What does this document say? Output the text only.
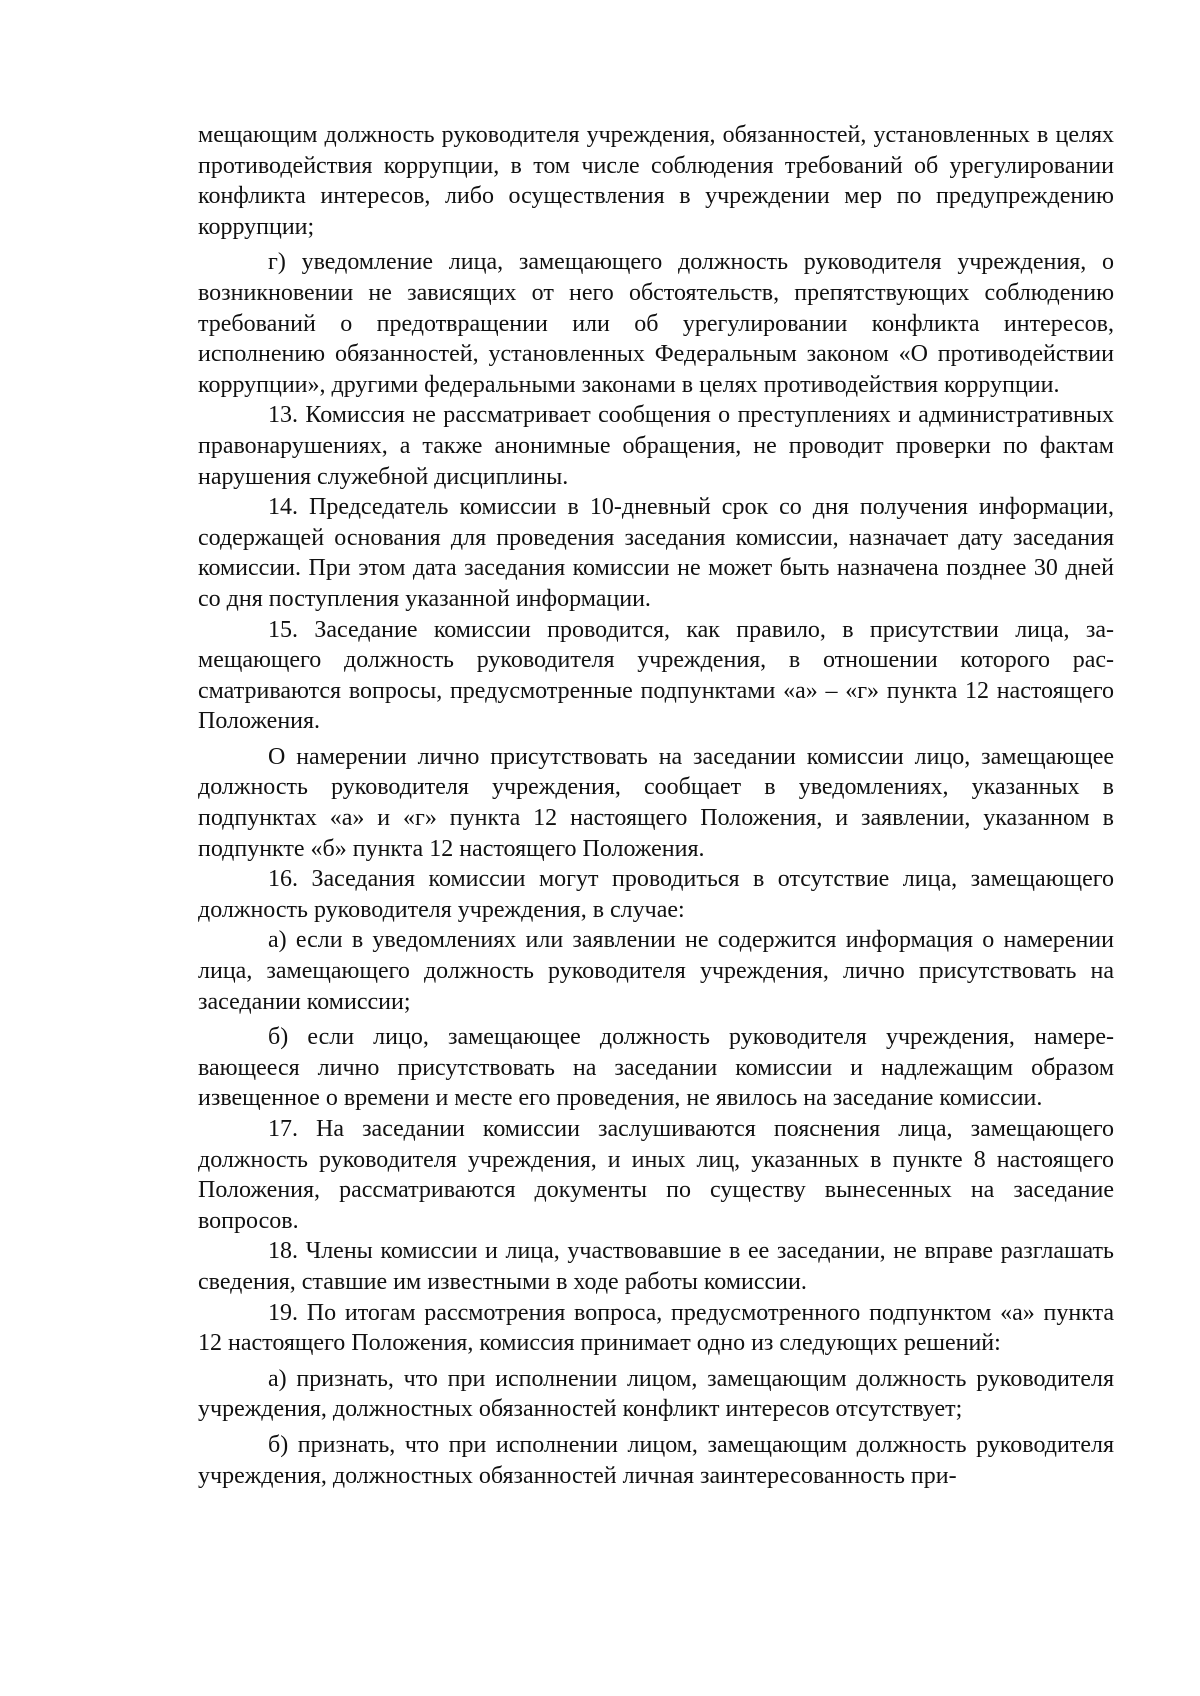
мещающим должность руководителя учреждения, обязанностей, установленных в целях противодействия коррупции, в том числе соблюдения требований об урегулировании конфликта интересов, либо осуществления в учреждении мер по предупреждению коррупции;

г) уведомление лица, замещающего должность руководителя учреждения, о возникновении не зависящих от него обстоятельств, препятствующих соблюдению требований о предотвращении или об урегулировании конфликта интересов, исполнению обязанностей, установленных Федеральным законом «О противодействии коррупции», другими федеральными законами в целях противодействия коррупции.

13. Комиссия не рассматривает сообщения о преступлениях и административных правонарушениях, а также анонимные обращения, не проводит проверки по фактам нарушения служебной дисциплины.

14. Председатель комиссии в 10-дневный срок со дня получения информации, содержащей основания для проведения заседания комиссии, назначает дату заседания комиссии. При этом дата заседания комиссии не может быть назначена позднее 30 дней со дня поступления указанной информации.

15. Заседание комиссии проводится, как правило, в присутствии лица, замещающего должность руководителя учреждения, в отношении которого рассматриваются вопросы, предусмотренные подпунктами «а» – «г» пункта 12 настоящего Положения.

О намерении лично присутствовать на заседании комиссии лицо, замещающее должность руководителя учреждения, сообщает в уведомлениях, указанных в подпунктах «а» и «г» пункта 12 настоящего Положения, и заявлении, указанном в подпункте «б» пункта 12 настоящего Положения.

16. Заседания комиссии могут проводиться в отсутствие лица, замещающего должность руководителя учреждения, в случае:

а) если в уведомлениях или заявлении не содержится информация о намерении лица, замещающего должность руководителя учреждения, лично присутствовать на заседании комиссии;

б) если лицо, замещающее должность руководителя учреждения, намеревающееся лично присутствовать на заседании комиссии и надлежащим образом извещенное о времени и месте его проведения, не явилось на заседание комиссии.

17. На заседании комиссии заслушиваются пояснения лица, замещающего должность руководителя учреждения, и иных лиц, указанных в пункте 8 настоящего Положения, рассматриваются документы по существу вынесенных на заседание вопросов.

18. Члены комиссии и лица, участвовавшие в ее заседании, не вправе разглашать сведения, ставшие им известными в ходе работы комиссии.

19. По итогам рассмотрения вопроса, предусмотренного подпунктом «а» пункта 12 настоящего Положения, комиссия принимает одно из следующих решений:

а) признать, что при исполнении лицом, замещающим должность руководителя учреждения, должностных обязанностей конфликт интересов отсутствует;

б) признать, что при исполнении лицом, замещающим должность руководителя учреждения, должностных обязанностей личная заинтересованность при-
